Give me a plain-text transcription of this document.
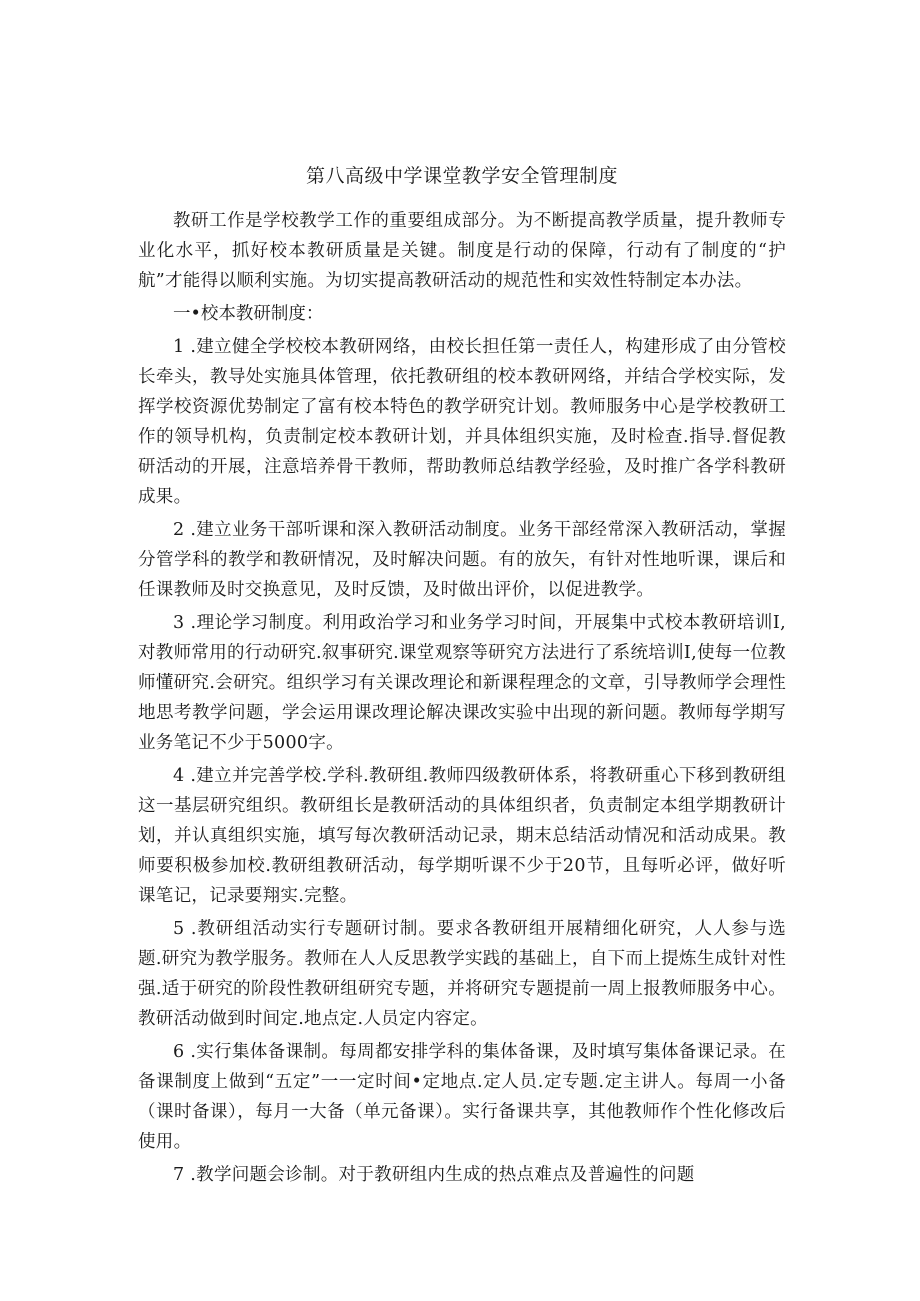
第八高级中学课堂教学安全管理制度

教研工作是学校教学工作的重要组成部分。为不断提高教学质量，提升教师专业化水平，抓好校本教研质量是关键。制度是行动的保障，行动有了制度的“护航”才能得以顺利实施。为切实提高教研活动的规范性和实效性特制定本办法。

一•校本教研制度：

1 .建立健全学校校本教研网络，由校长担任第一责任人，构建形成了由分管校长牵头，教导处实施具体管理，依托教研组的校本教研网络，并结合学校实际，发挥学校资源优势制定了富有校本特色的教学研究计划。教师服务中心是学校教研工作的领导机构，负责制定校本教研计划，并具体组织实施，及时检查.指导.督促教研活动的开展，注意培养骨干教师，帮助教师总结教学经验，及时推广各学科教研成果。

2 .建立业务干部听课和深入教研活动制度。业务干部经常深入教研活动，掌握分管学科的教学和教研情况，及时解决问题。有的放矢，有针对性地听课，课后和任课教师及时交换意见，及时反馈，及时做出评价，以促进教学。

3 .理论学习制度。利用政治学习和业务学习时间，开展集中式校本教研培训I,对教师常用的行动研究.叙事研究.课堂观察等研究方法进行了系统培训I,使每一位教师懂研究.会研究。组织学习有关课改理论和新课程理念的文章，引导教师学会理性地思考教学问题，学会运用课改理论解决课改实验中出现的新问题。教师每学期写业务笔记不少于5000字。

4 .建立并完善学校.学科.教研组.教师四级教研体系，将教研重心下移到教研组这一基层研究组织。教研组长是教研活动的具体组织者，负责制定本组学期教研计划，并认真组织实施，填写每次教研活动记录，期末总结活动情况和活动成果。教师要积极参加校.教研组教研活动，每学期听课不少于20节，且每听必评，做好听课笔记，记录要翔实.完整。

5 .教研组活动实行专题研讨制。要求各教研组开展精细化研究，人人参与选题.研究为教学服务。教师在人人反思教学实践的基础上，自下而上提炼生成针对性强.适于研究的阶段性教研组研究专题，并将研究专题提前一周上报教师服务中心。教研活动做到时间定.地点定.人员定内容定。

6 .实行集体备课制。每周都安排学科的集体备课，及时填写集体备课记录。在备课制度上做到“五定”一一定时间•定地点.定人员.定专题.定主讲人。每周一小备（课时备课），每月一大备（单元备课）。实行备课共享，其他教师作个性化修改后使用。

7 .教学问题会诊制。对于教研组内生成的热点难点及普遍性的问题
